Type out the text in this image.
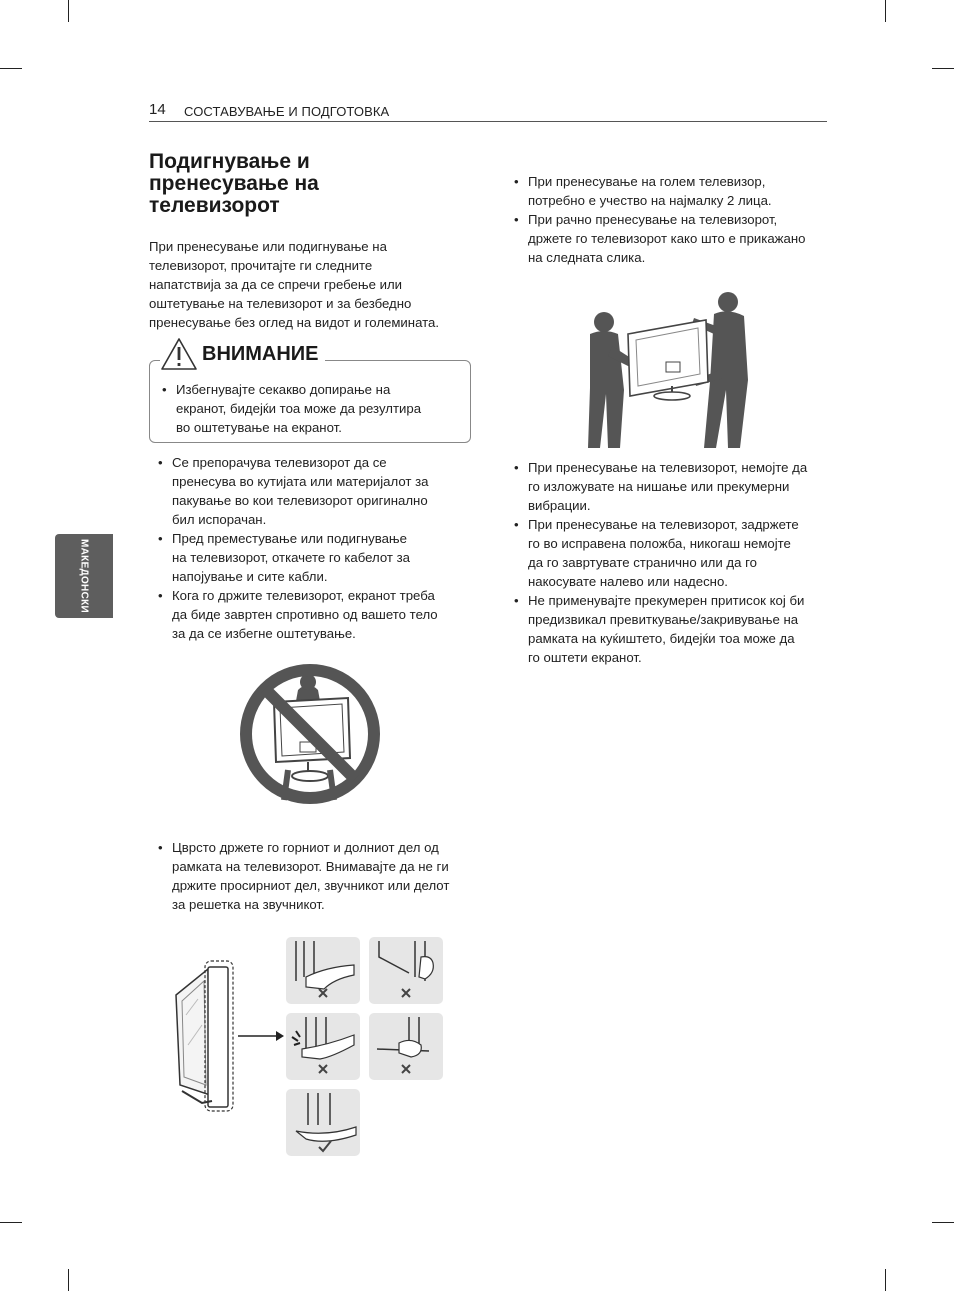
14 СОСТАВУВАЊЕ И ПОДГОТОВКА
МАКЕДОНСКИ
Подигнување и
пренесување на
телевизорот
При пренесување или подигнување на
телевизорот, прочитајте ги следните
напатствија за да се спречи гребење или
оштетување на телевизорот и за безбедно
пренесување без оглед на видот и големината.
ВНИМАНИЕ
• Избегнувајте секакво допирање на
екранот, бидејќи тоа може да резултира
во оштетување на екранот.
• Се препорачува телевизорот да се
пренесува во кутијата или материјалот за
пакување во кои телевизорот оригинално
бил испорачан.
• Пред преместување или подигнување
на телевизорот, откачете го кабелот за
напојување и сите кабли.
• Кога го држите телевизорот, екранот треба
да биде завртен спротивно од вашето тело
за да се избегне оштетување.
• Цврсто држете го горниот и долниот дел од
рамката на телевизорот. Внимавајте да не ги
држите просирниот дел, звучникот или делот
за решетка на звучникот.
• При пренесување на голем телевизор,
потребно е учество на најмалку 2 лица.
• При рачно пренесување на телевизорот,
држете го телевизорот како што е прикажано
на следната слика.
• При пренесување на телевизорот, немојте да
го изложувате на нишање или прекумерни
вибрации.
• При пренесување на телевизорот, задржете
го во исправена положба, никогаш немојте
да го завртувате странично или да го
накосувате налево или надесно.
• Не применувајте прекумерен притисок кој би
предизвикал превиткување/закривување на
рамката на куќиштето, бидејќи тоа може да
го оштети екранот.
